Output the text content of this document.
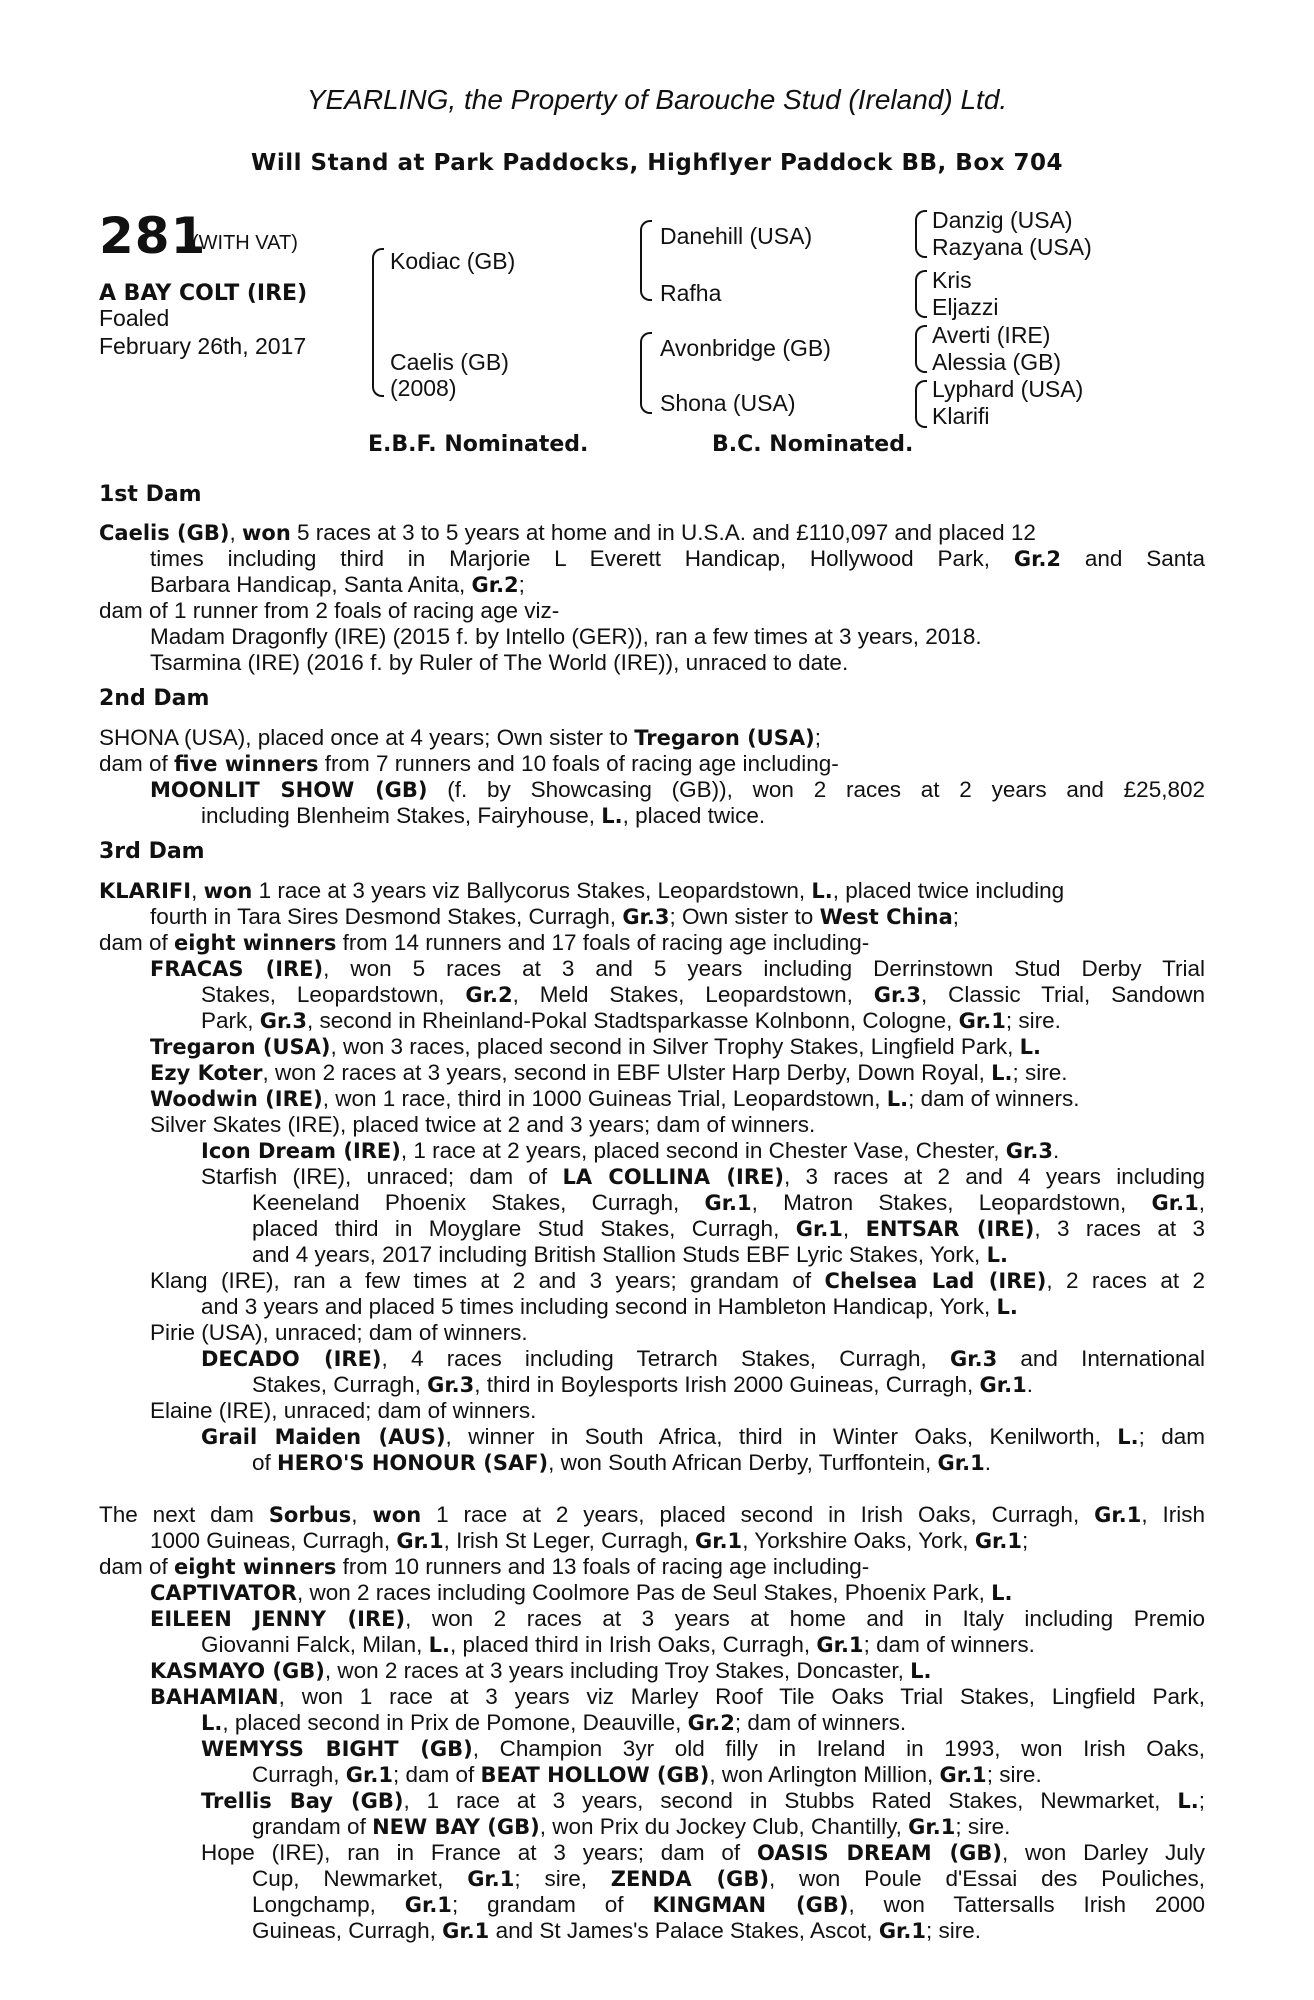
YEARLING, the Property of Barouche Stud (Ireland) Ltd.
Will Stand at Park Paddocks, Highflyer Paddock BB, Box 704
281
(WITH VAT)
A BAY COLT (IRE)
Foaled
February 26th, 2017
Kodiac (GB)
Caelis (GB)
(2008)
Danehill (USA)
Rafha
Avonbridge (GB)
Shona (USA)
Danzig (USA)
Razyana (USA)
Kris
Eljazzi
Averti (IRE)
Alessia (GB)
Lyphard (USA)
Klarifi
E.B.F. Nominated.	B.C. Nominated.
1st Dam
2nd Dam
3rd Dam
Caelis (GB), won 5 races at 3 to 5 years at home and in U.S.A. and £110,097 and placed 12
times including third in Marjorie L Everett Handicap, Hollywood Park, Gr.2 and Santa
Barbara Handicap, Santa Anita, Gr.2;
dam of 1 runner from 2 foals of racing age viz-
Madam Dragonfly (IRE) (2015 f. by Intello (GER)), ran a few times at 3 years, 2018.
Tsarmina (IRE) (2016 f. by Ruler of The World (IRE)), unraced to date.
SHONA (USA), placed once at 4 years; Own sister to Tregaron (USA);
dam of five winners from 7 runners and 10 foals of racing age including-
MOONLIT SHOW (GB) (f. by Showcasing (GB)), won 2 races at 2 years and £25,802
including Blenheim Stakes, Fairyhouse, L., placed twice.
KLARIFI, won 1 race at 3 years viz Ballycorus Stakes, Leopardstown, L., placed twice including
fourth in Tara Sires Desmond Stakes, Curragh, Gr.3; Own sister to West China;
dam of eight winners from 14 runners and 17 foals of racing age including-
FRACAS (IRE), won 5 races at 3 and 5 years including Derrinstown Stud Derby Trial
Stakes, Leopardstown, Gr.2, Meld Stakes, Leopardstown, Gr.3, Classic Trial, Sandown
Park, Gr.3, second in Rheinland-Pokal Stadtsparkasse Kolnbonn, Cologne, Gr.1; sire.
Tregaron (USA), won 3 races, placed second in Silver Trophy Stakes, Lingfield Park, L.
Ezy Koter, won 2 races at 3 years, second in EBF Ulster Harp Derby, Down Royal, L.; sire.
Woodwin (IRE), won 1 race, third in 1000 Guineas Trial, Leopardstown, L.; dam of winners.
Silver Skates (IRE), placed twice at 2 and 3 years; dam of winners.
Icon Dream (IRE), 1 race at 2 years, placed second in Chester Vase, Chester, Gr.3.
Starfish (IRE), unraced; dam of LA COLLINA (IRE), 3 races at 2 and 4 years including
Keeneland Phoenix Stakes, Curragh, Gr.1, Matron Stakes, Leopardstown, Gr.1,
placed third in Moyglare Stud Stakes, Curragh, Gr.1, ENTSAR (IRE), 3 races at 3
and 4 years, 2017 including British Stallion Studs EBF Lyric Stakes, York, L.
Klang (IRE), ran a few times at 2 and 3 years; grandam of Chelsea Lad (IRE), 2 races at 2
and 3 years and placed 5 times including second in Hambleton Handicap, York, L.
Pirie (USA), unraced; dam of winners.
DECADO (IRE), 4 races including Tetrarch Stakes, Curragh, Gr.3 and International
Stakes, Curragh, Gr.3, third in Boylesports Irish 2000 Guineas, Curragh, Gr.1.
Elaine (IRE), unraced; dam of winners.
Grail Maiden (AUS), winner in South Africa, third in Winter Oaks, Kenilworth, L.; dam
of HERO'S HONOUR (SAF), won South African Derby, Turffontein, Gr.1.
The next dam Sorbus, won 1 race at 2 years, placed second in Irish Oaks, Curragh, Gr.1, Irish
1000 Guineas, Curragh, Gr.1, Irish St Leger, Curragh, Gr.1, Yorkshire Oaks, York, Gr.1;
dam of eight winners from 10 runners and 13 foals of racing age including-
CAPTIVATOR, won 2 races including Coolmore Pas de Seul Stakes, Phoenix Park, L.
EILEEN JENNY (IRE), won 2 races at 3 years at home and in Italy including Premio
Giovanni Falck, Milan, L., placed third in Irish Oaks, Curragh, Gr.1; dam of winners.
KASMAYO (GB), won 2 races at 3 years including Troy Stakes, Doncaster, L.
BAHAMIAN, won 1 race at 3 years viz Marley Roof Tile Oaks Trial Stakes, Lingfield Park,
L., placed second in Prix de Pomone, Deauville, Gr.2; dam of winners.
WEMYSS BIGHT (GB), Champion 3yr old filly in Ireland in 1993, won Irish Oaks,
Curragh, Gr.1; dam of BEAT HOLLOW (GB), won Arlington Million, Gr.1; sire.
Trellis Bay (GB), 1 race at 3 years, second in Stubbs Rated Stakes, Newmarket, L.;
grandam of NEW BAY (GB), won Prix du Jockey Club, Chantilly, Gr.1; sire.
Hope (IRE), ran in France at 3 years; dam of OASIS DREAM (GB), won Darley July
Cup, Newmarket, Gr.1; sire, ZENDA (GB), won Poule d'Essai des Pouliches,
Longchamp, Gr.1; grandam of KINGMAN (GB), won Tattersalls Irish 2000
Guineas, Curragh, Gr.1 and St James's Palace Stakes, Ascot, Gr.1; sire.
